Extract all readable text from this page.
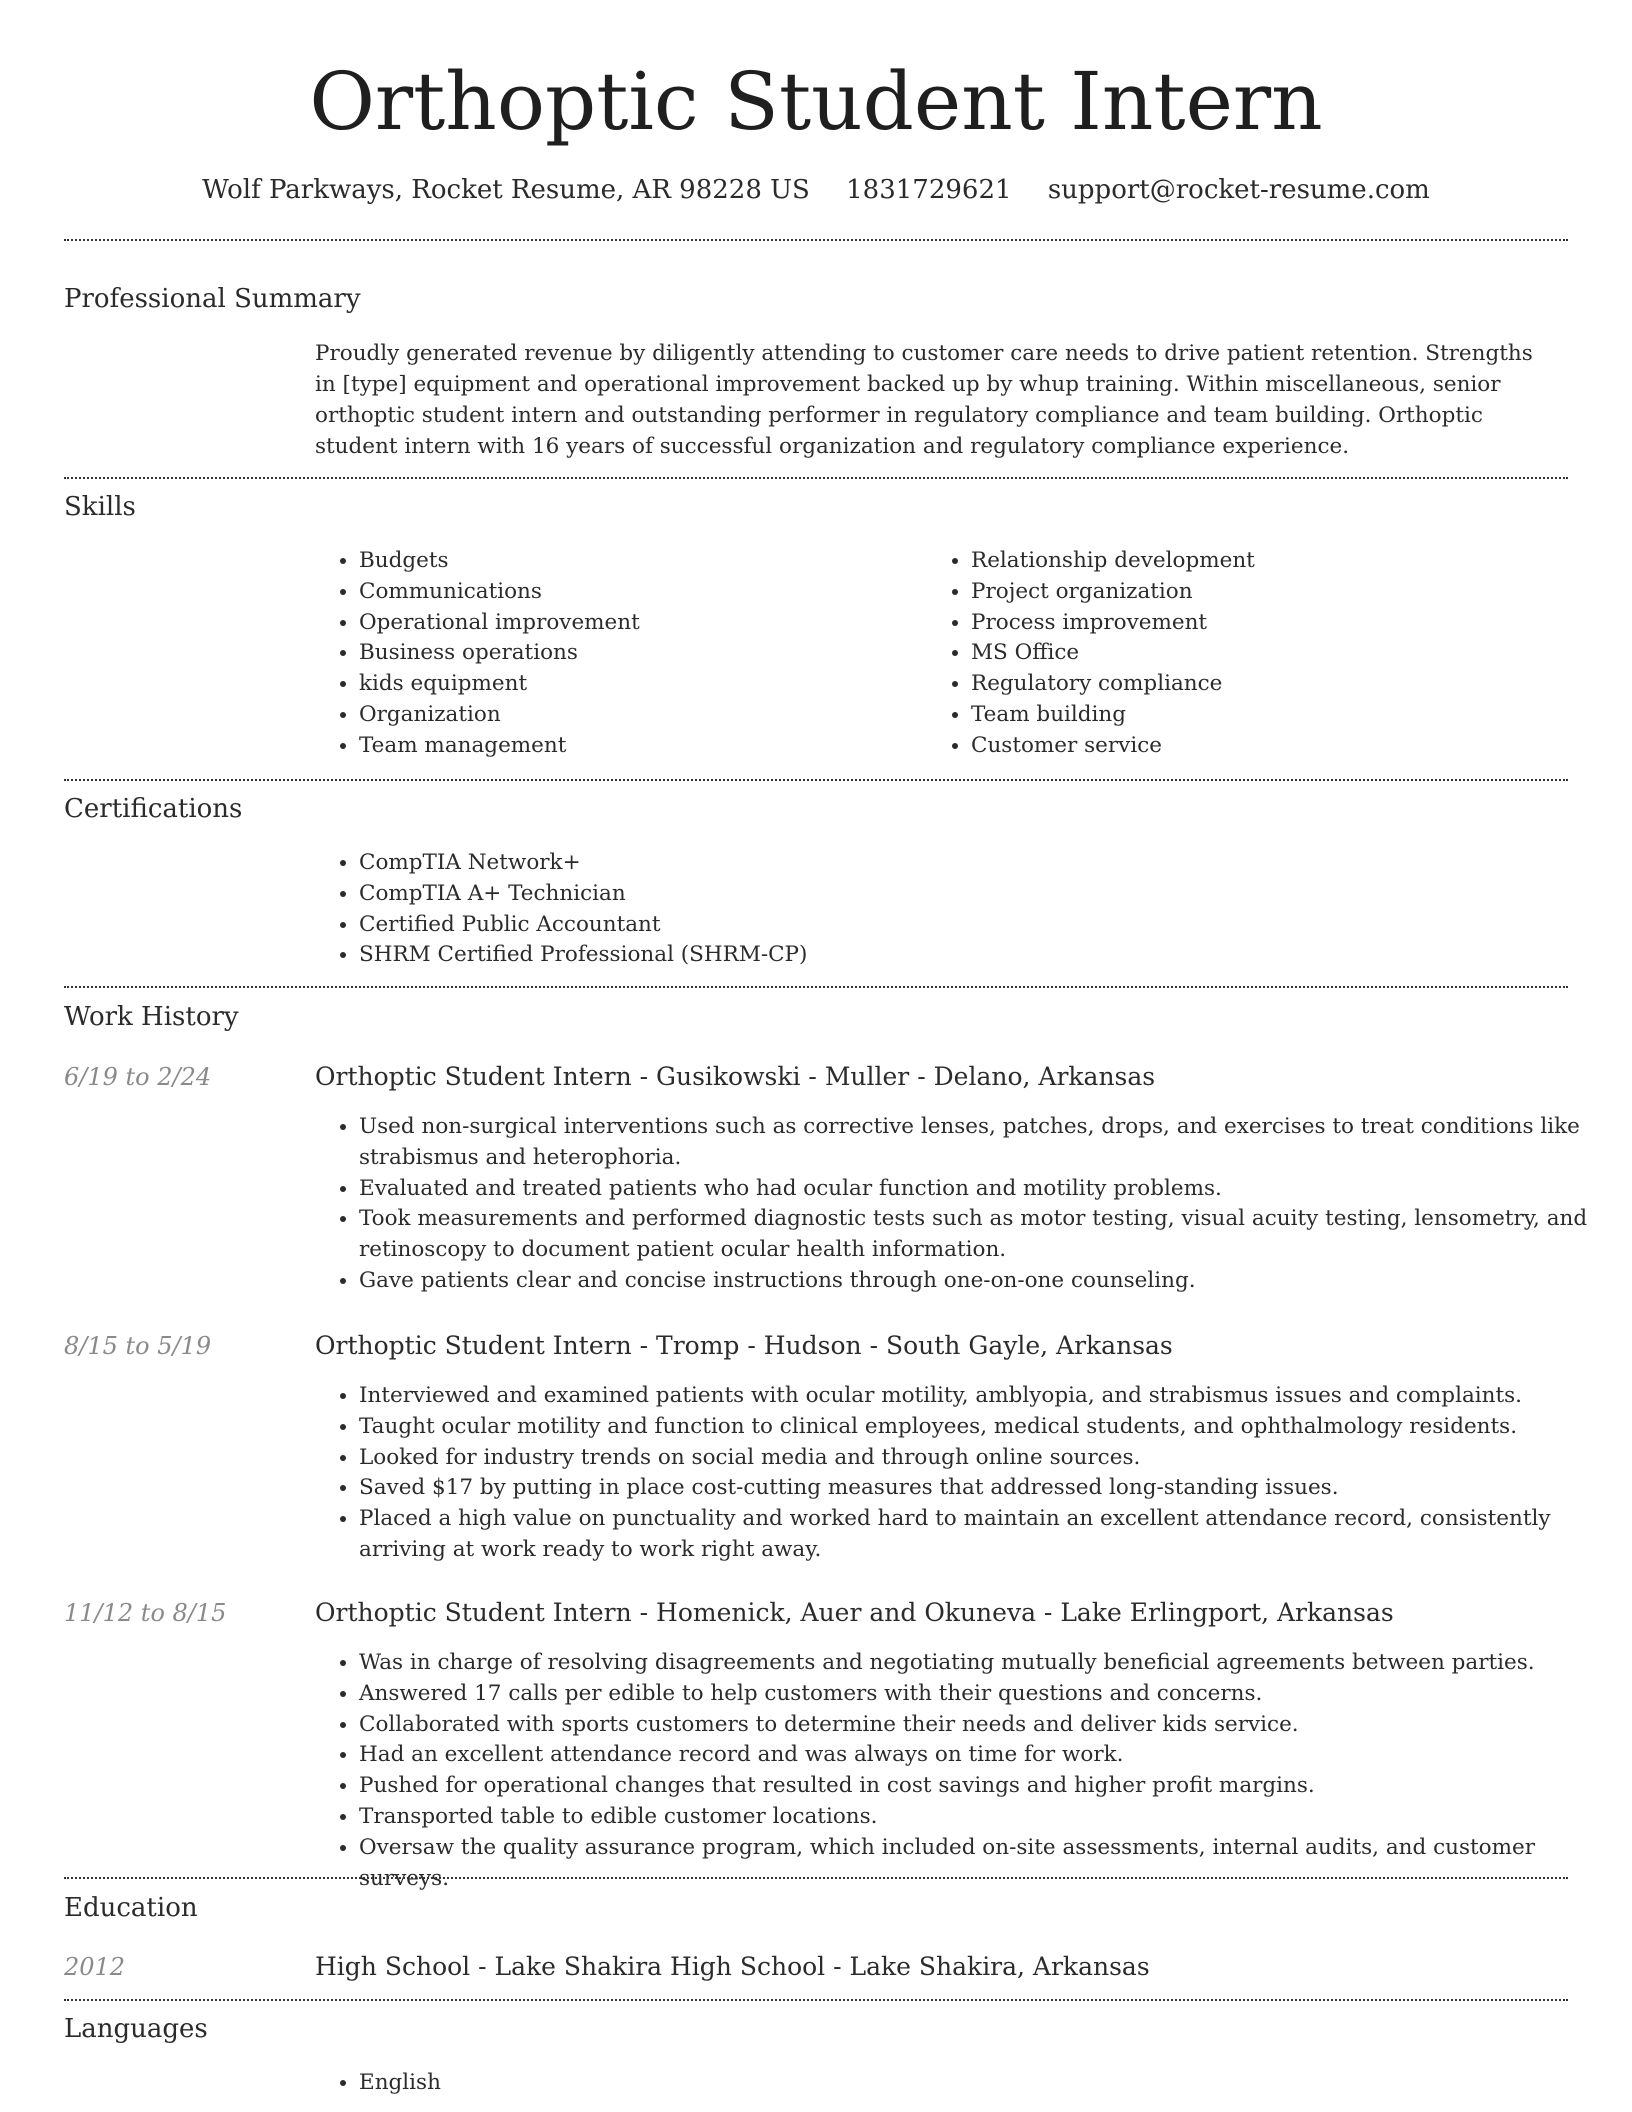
Orthoptic Student Intern
Wolf Parkways, Rocket Resume, AR 98228 US 1831729621 support@rocket-resume.com
Professional Summary
Proudly generated revenue by diligently attending to customer care needs to drive patient retention. Strengths in [type] equipment and operational improvement backed up by whup training. Within miscellaneous, senior orthoptic student intern and outstanding performer in regulatory compliance and team building. Orthoptic student intern with 16 years of successful organization and regulatory compliance experience.
Skills
• Budgets
• Communications
• Operational improvement
• Business operations
• kids equipment
• Organization
• Team management
• Relationship development
• Project organization
• Process improvement
• MS Office
• Regulatory compliance
• Team building
• Customer service
Certifications
• CompTIA Network+
• CompTIA A+ Technician
• Certified Public Accountant
• SHRM Certified Professional (SHRM-CP)
Work History
6/19 to 2/24	Orthoptic Student Intern - Gusikowski - Muller - Delano, Arkansas
• Used non-surgical interventions such as corrective lenses, patches, drops, and exercises to treat conditions like strabismus and heterophoria.
• Evaluated and treated patients who had ocular function and motility problems.
• Took measurements and performed diagnostic tests such as motor testing, visual acuity testing, lensometry, and retinoscopy to document patient ocular health information.
• Gave patients clear and concise instructions through one-on-one counseling.
8/15 to 5/19	Orthoptic Student Intern - Tromp - Hudson - South Gayle, Arkansas
• Interviewed and examined patients with ocular motility, amblyopia, and strabismus issues and complaints.
• Taught ocular motility and function to clinical employees, medical students, and ophthalmology residents.
• Looked for industry trends on social media and through online sources.
• Saved $17 by putting in place cost-cutting measures that addressed long-standing issues.
• Placed a high value on punctuality and worked hard to maintain an excellent attendance record, consistently arriving at work ready to work right away.
11/12 to 8/15	Orthoptic Student Intern - Homenick, Auer and Okuneva - Lake Erlingport, Arkansas
• Was in charge of resolving disagreements and negotiating mutually beneficial agreements between parties.
• Answered 17 calls per edible to help customers with their questions and concerns.
• Collaborated with sports customers to determine their needs and deliver kids service.
• Had an excellent attendance record and was always on time for work.
• Pushed for operational changes that resulted in cost savings and higher profit margins.
• Transported table to edible customer locations.
• Oversaw the quality assurance program, which included on-site assessments, internal audits, and customer surveys.
Education
2012	High School - Lake Shakira High School - Lake Shakira, Arkansas
Languages
• English
